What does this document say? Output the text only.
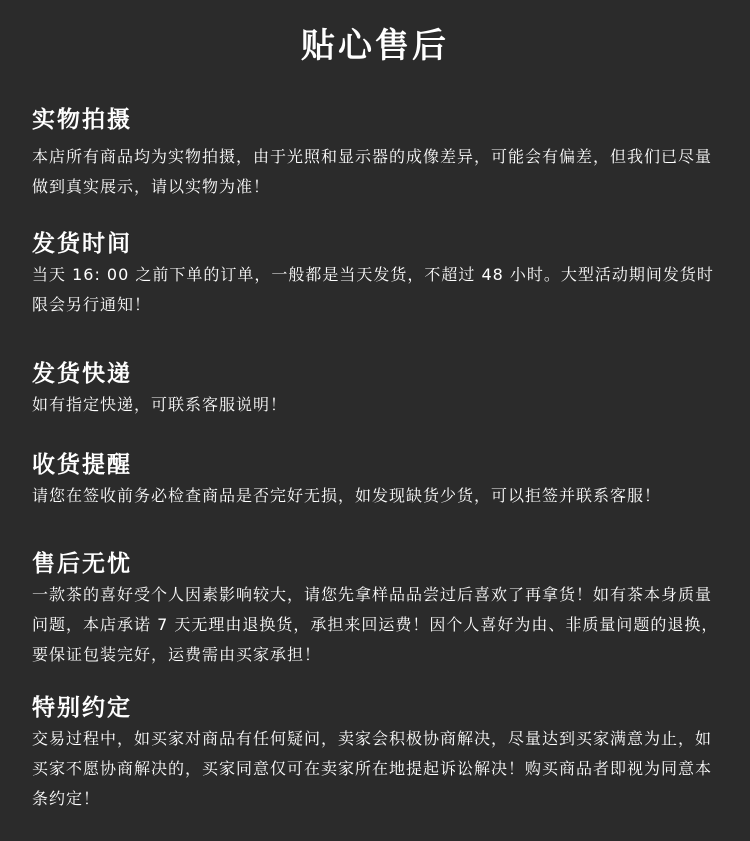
贴心售后
实物拍摄

本店所有商品均为实物拍摄，由于光照和显示器的成像差异，可能会有偏差，但我们已尽量做到真实展示，请以实物为准！

发货时间

当天 16: 00 之前下单的订单，一般都是当天发货，不超过 48 小时。大型活动期间发货时限会另行通知！

发货快递

如有指定快递，可联系客服说明！

收货提醒

请您在签收前务必检查商品是否完好无损，如发现缺货少货，可以拒签并联系客服！

售后无忧

一款茶的喜好受个人因素影响较大，请您先拿样品品尝过后喜欢了再拿货！如有茶本身质量问题，本店承诺 7 天无理由退换货，承担来回运费！因个人喜好为由、非质量问题的退换，要保证包装完好，运费需由买家承担！

特别约定

交易过程中，如买家对商品有任何疑问，卖家会积极协商解决，尽量达到买家满意为止，如买家不愿协商解决的，买家同意仅可在卖家所在地提起诉讼解决！购买商品者即视为同意本条约定！
